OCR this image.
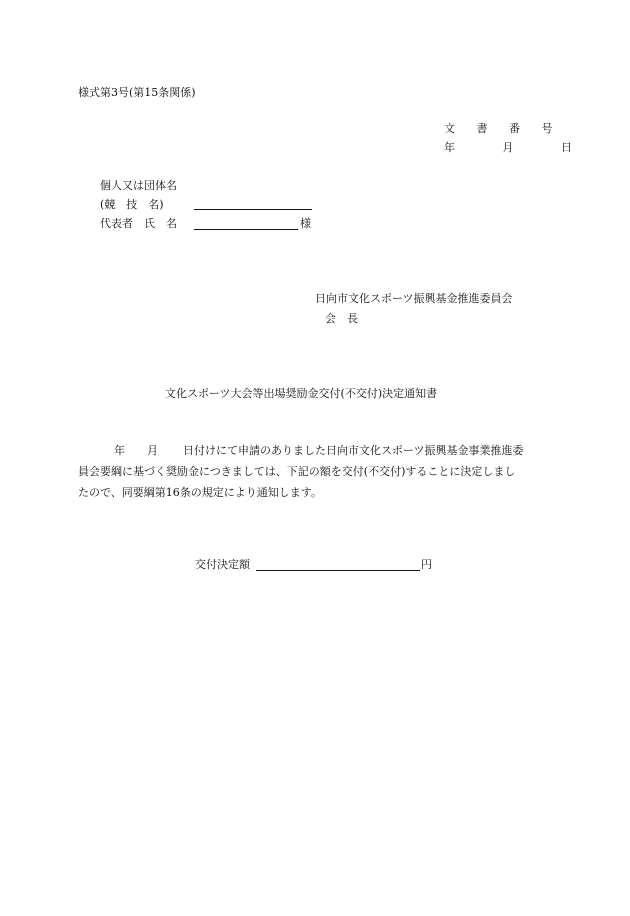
様式第3号(第15条関係)
文 書 番 号
年 月 日
個人又は団体名
(競　技　名)
代表者　氏　名	様
日向市文化スポーツ振興基金推進委員会
会　長
文化スポーツ大会等出場奨励金交付(不交付)決定通知書
年 月 日付けにて申請のありました日向市文化スポーツ振興基金事業推進委
員会要綱に基づく奨励金につきましては、下記の額を交付(不交付)することに決定しまし
たので、同要綱第16条の規定により通知します。
交付決定額	円
